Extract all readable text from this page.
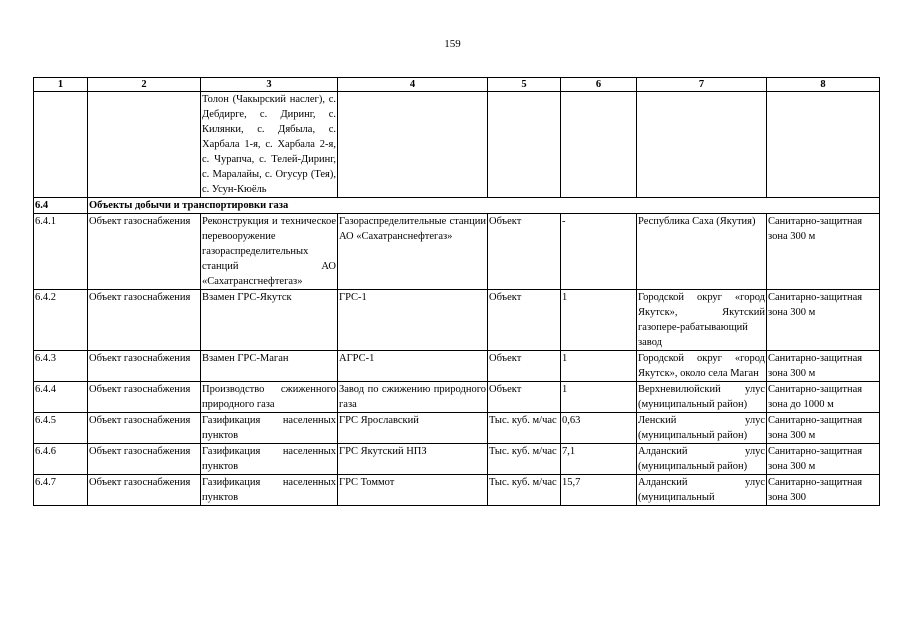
159
1	2	3	4	5	6	7	8
		Толон (Чакырский наслег), с. Дебдирге, с. Диринг, с. Килянки, с. Дябыла, с. Харбала 1-я, с. Харбала 2-я, с. Чурапча, с. Телей-Диринг, с. Маралайы, с. Огусур (Тея), с. Усун-Кюёль					
6.4	Объекты добычи и транспортировки газа						
6.4.1	Объект газоснабжения	Реконструкция и техническое перевооружение газораспределительных станций АО «Сахатрансгнефтегаз»	Газораспределительные станции АО «Сахатранснефтегаз»	Объект	-	Республика Саха (Якутия)	Санитарно-защитная зона 300 м
6.4.2	Объект газоснабжения	Взамен ГРС-Якутск	ГРС-1	Объект	1	Городской округ «город Якутск», Якутский газопере-рабатывающий завод	Санитарно-защитная зона 300 м
6.4.3	Объект газоснабжения	Взамен ГРС-Маган	АГРС-1	Объект	1	Городской округ «город Якутск», около села Маган	Санитарно-защитная зона 300 м
6.4.4	Объект газоснабжения	Производство сжиженного природного газа	Завод по сжижению природного газа	Объект	1	Верхневилюйский улус (муниципальный район)	Санитарно-защитная зона до 1000 м
6.4.5	Объект газоснабжения	Газификация населенных пунктов	ГРС Ярославский	Тыс. куб. м/час	0,63	Ленский улус (муниципальный район)	Санитарно-защитная зона 300 м
6.4.6	Объект газоснабжения	Газификация населенных пунктов	ГРС Якутский НПЗ	Тыс. куб. м/час	7,1	Алданский улус (муниципальный район)	Санитарно-защитная зона 300 м
6.4.7	Объект газоснабжения	Газификация населенных пунктов	ГРС Томмот	Тыс. куб. м/час	15,7	Алданский улус (муниципальный	Санитарно-защитная зона 300
